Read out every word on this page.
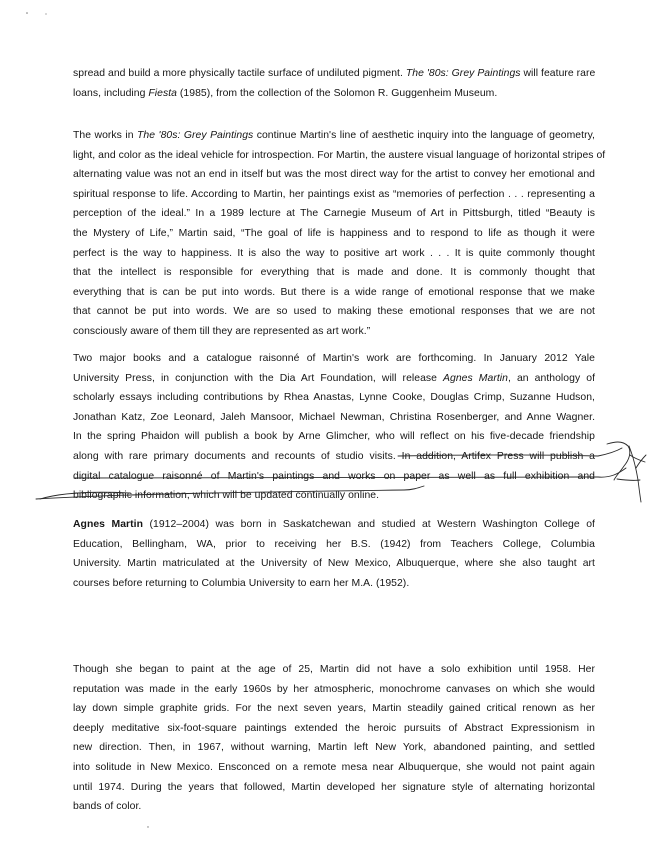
spread and build a more physically tactile surface of undiluted pigment. The '80s: Grey Paintings will feature rare
loans, including Fiesta (1985), from the collection of the Solomon R. Guggenheim Museum.

The works in The '80s: Grey Paintings continue Martin's line of aesthetic inquiry into the language of geometry,
light, and color as the ideal vehicle for introspection. For Martin, the austere visual language of horizontal stripes of
alternating value was not an end in itself but was the most direct way for the artist to convey her emotional and
spiritual response to life. According to Martin, her paintings exist as “memories of perfection . . . representing a
perception of the ideal.” In a 1989 lecture at The Carnegie Museum of Art in Pittsburgh, titled “Beauty is
the Mystery of Life,” Martin said, “The goal of life is happiness and to respond to life as though it were
perfect is the way to happiness. It is also the way to positive art work . . . It is quite commonly thought
that the intellect is responsible for everything that is made and done. It is commonly thought that
everything that is can be put into words. But there is a wide range of emotional response that we make
that cannot be put into words. We are so used to making these emotional responses that we are not
consciously aware of them till they are represented as art work.”

Two major books and a catalogue raisonné of Martin's work are forthcoming. In January 2012 Yale
University Press, in conjunction with the Dia Art Foundation, will release Agnes Martin, an anthology of
scholarly essays including contributions by Rhea Anastas, Lynne Cooke, Douglas Crimp, Suzanne Hudson,
Jonathan Katz, Zoe Leonard, Jaleh Mansoor, Michael Newman, Christina Rosenberger, and Anne Wagner.
In the spring Phaidon will publish a book by Arne Glimcher, who will reflect on his five-decade friendship
along with rare primary documents and recounts of studio visits. In addition, Artifex Press will publish a
digital catalogue raisonné of Martin's paintings and works on paper as well as full exhibition and
bibliographic information, which will be updated continually online.

Agnes Martin (1912–2004) was born in Saskatchewan and studied at Western Washington College of
Education, Bellingham, WA, prior to receiving her B.S. (1942) from Teachers College, Columbia
University. Martin matriculated at the University of New Mexico, Albuquerque, where she also taught art
courses before returning to Columbia University to earn her M.A. (1952).

Though she began to paint at the age of 25, Martin did not have a solo exhibition until 1958. Her
reputation was made in the early 1960s by her atmospheric, monochrome canvases on which she would
lay down simple graphite grids. For the next seven years, Martin steadily gained critical renown as her
deeply meditative six-foot-square paintings extended the heroic pursuits of Abstract Expressionism in
new direction. Then, in 1967, without warning, Martin left New York, abandoned painting, and settled
into solitude in New Mexico. Ensconced on a remote mesa near Albuquerque, she would not paint again
until 1974. During the years that followed, Martin developed her signature style of alternating horizontal
bands of color.
